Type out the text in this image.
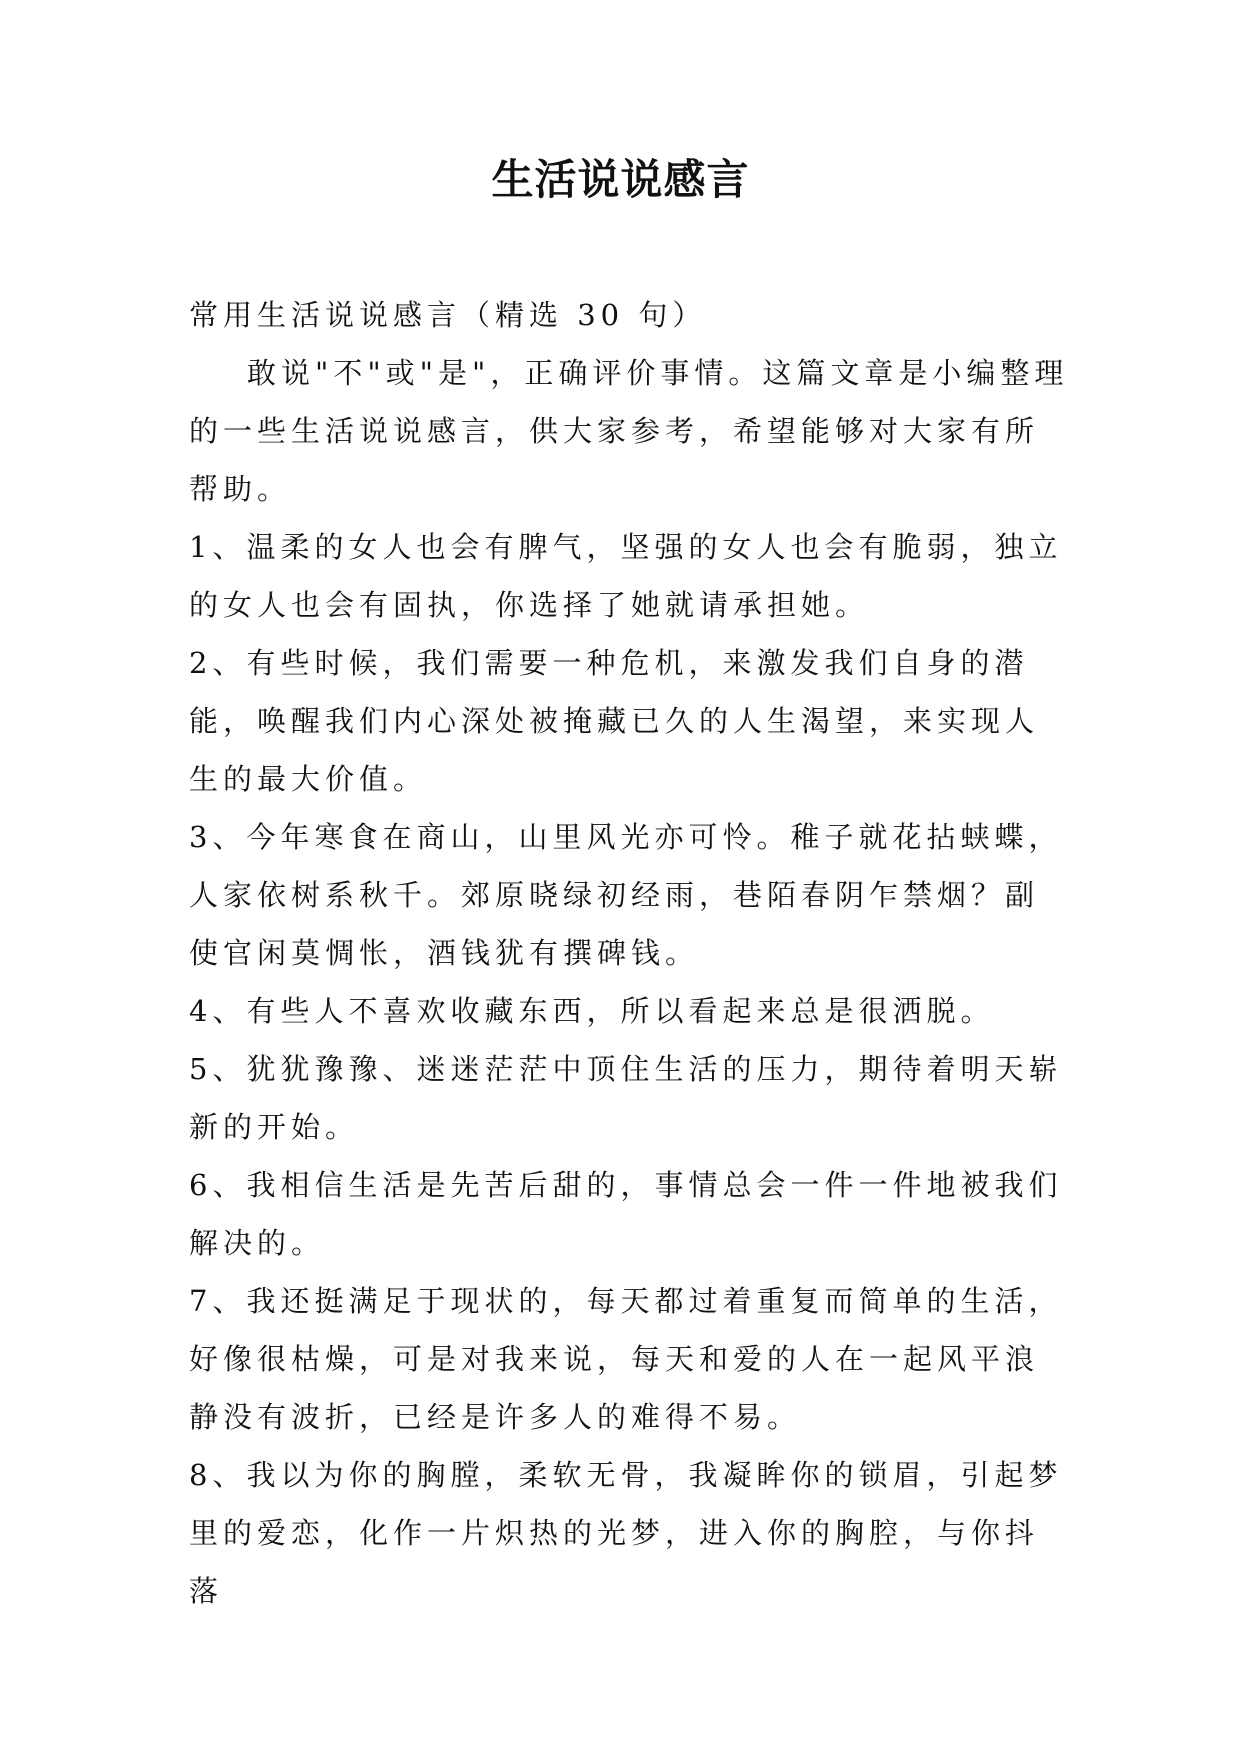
生活说说感言

常用生活说说感言（精选 30 句）

敢说"不"或"是"，正确评价事情。这篇文章是小编整理的一些生活说说感言，供大家参考，希望能够对大家有所帮助。

1、温柔的女人也会有脾气，坚强的女人也会有脆弱，独立的女人也会有固执，你选择了她就请承担她。

2、有些时候，我们需要一种危机，来激发我们自身的潜能，唤醒我们内心深处被掩藏已久的人生渴望，来实现人生的最大价值。

3、今年寒食在商山，山里风光亦可怜。稚子就花拈蛱蝶，人家依树系秋千。郊原晓绿初经雨，巷陌春阴乍禁烟？副使官闲莫惆怅，酒钱犹有撰碑钱。

4、有些人不喜欢收藏东西，所以看起来总是很洒脱。

5、犹犹豫豫、迷迷茫茫中顶住生活的压力，期待着明天崭新的开始。

6、我相信生活是先苦后甜的，事情总会一件一件地被我们解决的。

7、我还挺满足于现状的，每天都过着重复而简单的生活，好像很枯燥，可是对我来说，每天和爱的人在一起风平浪静没有波折，已经是许多人的难得不易。

8、我以为你的胸膛，柔软无骨，我凝眸你的锁眉，引起梦里的爱恋，化作一片炽热的光梦，进入你的胸腔，与你抖落
